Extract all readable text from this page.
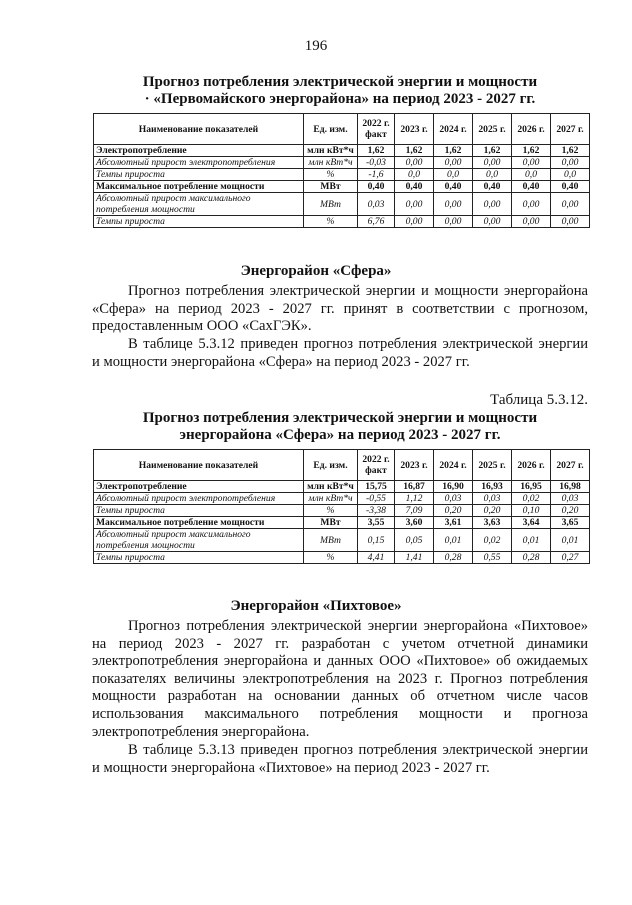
196
Прогноз потребления электрической энергии и мощности
· «Первомайского энергорайона» на период 2023 - 2027 гг.
Наименование показателей	Ед. изм.	2022 г. факт	2023 г.	2024 г.	2025 г.	2026 г.	2027 г.
Электропотребление	млн кВт*ч	1,62	1,62	1,62	1,62	1,62	1,62
Абсолютный прирост электропотребления	млн кВт*ч	-0,03	0,00	0,00	0,00	0,00	0,00
Темпы прироста	%	-1,6	0,0	0,0	0,0	0,0	0,0
Максимальное потребление мощности	МВт	0,40	0,40	0,40	0,40	0,40	0,40
Абсолютный прирост максимального потребления мощности	МВт	0,03	0,00	0,00	0,00	0,00	0,00
Темпы прироста	%	6,76	0,00	0,00	0,00	0,00	0,00
Энергорайон «Сфера»
Прогноз потребления электрической энергии и мощности энергорайона
«Сфера» на период 2023 - 2027 гг. принят в соответствии с прогнозом,
предоставленным ООО «СахГЭК».
В таблице 5.3.12 приведен прогноз потребления электрической энергии
и мощности энергорайона «Сфера» на период 2023 - 2027 гг.
Таблица 5.3.12.
Прогноз потребления электрической энергии и мощности
энергорайона «Сфера» на период 2023 - 2027 гг.
Наименование показателей	Ед. изм.	2022 г. факт	2023 г.	2024 г.	2025 г.	2026 г.	2027 г.
Электропотребление	млн кВт*ч	15,75	16,87	16,90	16,93	16,95	16,98
Абсолютный прирост электропотребления	млн кВт*ч	-0,55	1,12	0,03	0,03	0,02	0,03
Темпы прироста	%	-3,38	7,09	0,20	0,20	0,10	0,20
Максимальное потребление мощности	МВт	3,55	3,60	3,61	3,63	3,64	3,65
Абсолютный прирост максимального потребления мощности	МВт	0,15	0,05	0,01	0,02	0,01	0,01
Темпы прироста	%	4,41	1,41	0,28	0,55	0,28	0,27
Энергорайон «Пихтовое»
Прогноз потребления электрической энергии энергорайона «Пихтовое»
на период 2023 - 2027 гг. разработан с учетом отчетной динамики
электропотребления энергорайона и данных ООО «Пихтовое» об ожидаемых
показателях величины электропотребления на 2023 г. Прогноз потребления
мощности разработан на основании данных об отчетном числе часов
использования максимального потребления мощности и прогноза
электропотребления энергорайона.
В таблице 5.3.13 приведен прогноз потребления электрической энергии
и мощности энергорайона «Пихтовое» на период 2023 - 2027 гг.
